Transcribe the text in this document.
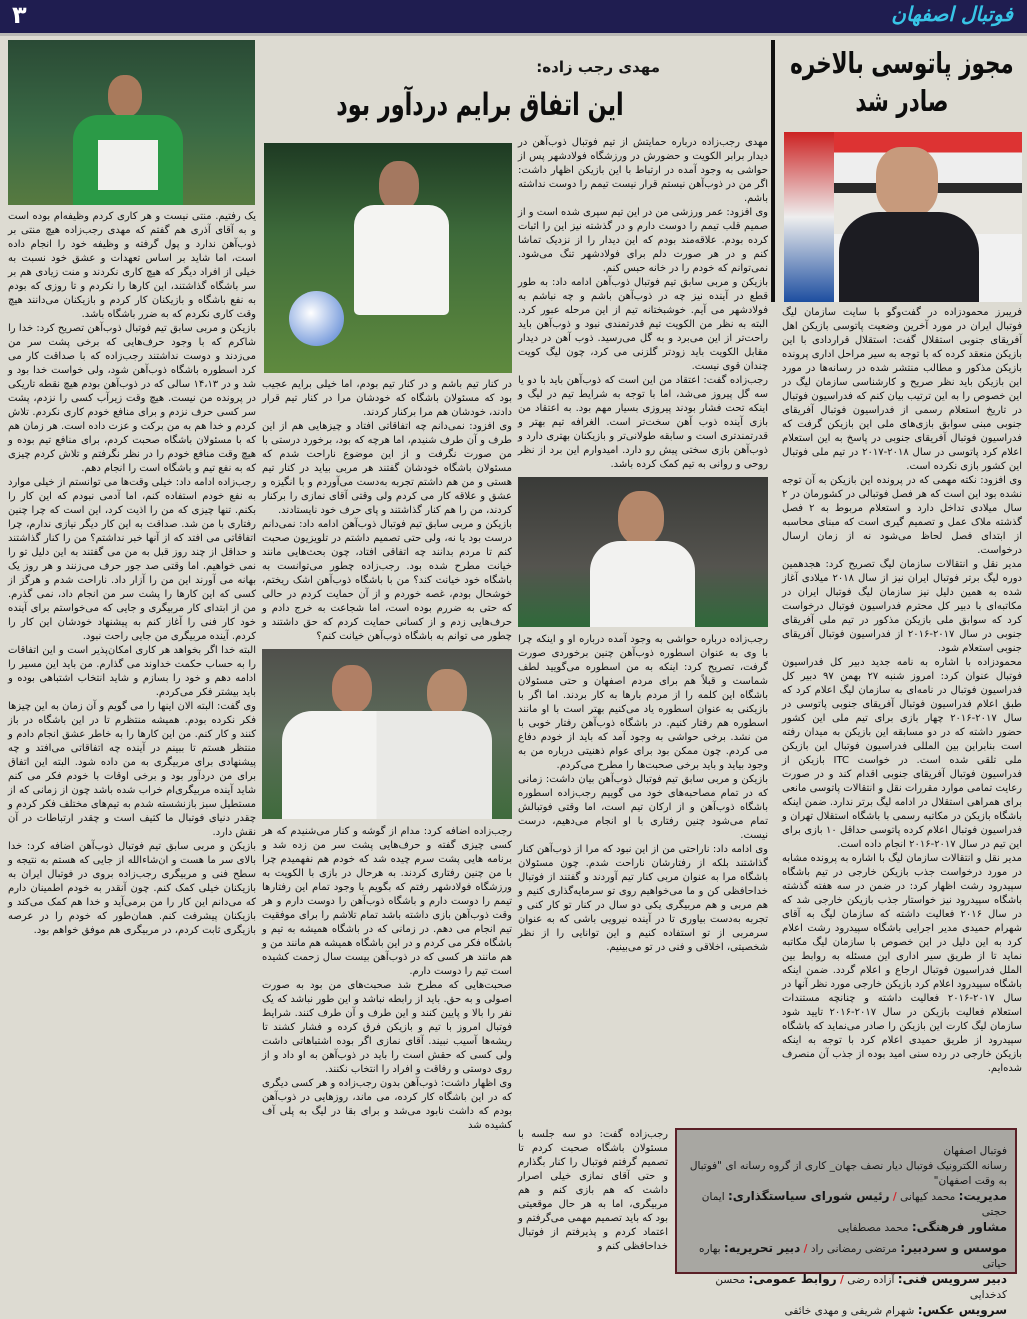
فوتبال اصفهان
۳
مجوز پاتوسی بالاخره صادر شد

فریبرز محمودزاده در گفت‌وگو با سایت سازمان لیگ فوتبال ایران در مورد آخرین وضعیت پاتوسی بازیکن اهل آفریقای جنوبی استقلال گفت: استقلال قراردادی با این بازیکن منعقد کرده که با توجه به سیر مراحل اداری پرونده بازیکن مذکور و مطالب منتشر شده در رسانه‌ها در مورد این بازیکن باید نظر صریح و کارشناسی سازمان لیگ در این خصوص را به این ترتیب بیان کنم که فدراسیون فوتبال در تاریخ استعلام رسمی از فدراسیون فوتبال آفریقای جنوبی مبنی سوابق بازی‌های ملی این بازیکن گرفت که فدراسیون فوتبال آفریقای جنوبی در پاسخ به این استعلام اعلام کرد پاتوسی در سال ۲۰۱۸-۲۰۱۷ در تیم ملی فوتبال این کشور بازی نکرده است.

وی افزود: نکته مهمی که در پرونده این بازیکن به آن توجه نشده بود این است که هر فصل فوتبالی در کشورمان در ۲ سال میلادی تداخل دارد و استعلام مربوط به ۲ فصل گذشته ملاک عمل و تصمیم گیری است که مبنای محاسبه از ابتدای فصل لحاظ می‌شود نه از زمان ارسال درخواست.

مدیر نقل و انتقالات سازمان لیگ تصریح کرد: هجدهمین دوره لیگ برتر فوتبال ایران نیز از سال ۲۰۱۸ میلادی آغاز شده به همین دلیل نیز سازمان لیگ فوتبال ایران در مکاتبه‌ای با دبیر کل محترم فدراسیون فوتبال درخواست کرد که سوابق ملی بازیکن مذکور در تیم ملی آفریقای جنوبی در سال ۲۰۱۷-۲۰۱۶ از فدراسیون فوتبال آفریقای جنوبی استعلام شود.

محمودزاده با اشاره به نامه جدید دبیر کل فدراسیون فوتبال عنوان کرد: امروز شنبه ۲۷ بهمن ۹۷ دبیر کل فدراسیون فوتبال در نامه‌ای به سازمان لیگ اعلام کرد که طبق اعلام فدراسیون فوتبال آفریقای جنوبی پاتوسی در سال ۲۰۱۷-۲۰۱۶ چهار بازی برای تیم ملی این کشور حضور داشته که در دو مسابقه این بازیکن به میدان رفته است بنابراین بین المللی فدراسیون فوتبال این بازیکن ملی تلقی شده است. در خواست ITC بازیکن از فدراسیون فوتبال آفریقای جنوبی اقدام کند و در صورت رعایت تمامی موارد مقررات نقل و انتقالات پاتوسی مانعی برای همراهی استقلال در ادامه لیگ برتر ندارد. ضمن اینکه باشگاه بازیکن در مکاتبه رسمی با باشگاه استقلال تهران و فدراسیون فوتبال اعلام کرده پاتوسی حداقل ۱۰ بازی برای این تیم در سال ۲۰۱۷-۲۰۱۶ انجام داده است.

مدیر نقل و انتقالات سازمان لیگ با اشاره به پرونده مشابه در مورد درخواست جذب بازیکن خارجی در تیم باشگاه سپیدرود رشت اظهار کرد: در ضمن در سه هفته گذشته باشگاه سپیدرود نیز خواستار جذب بازیکن خارجی شد که در سال ۲۰۱۶ فعالیت داشته که سازمان لیگ به آقای شهرام حمیدی مدیر اجرایی باشگاه سپیدرود رشت اعلام کرد به این دلیل در این خصوص با سازمان لیگ مکاتبه نماید تا از طریق سیر اداری این مسئله به روابط بین الملل فدراسیون فوتبال ارجاع و اعلام گردد. ضمن اینکه باشگاه سپیدرود اعلام کرد بازیکن خارجی مورد نظر آنها در سال ۲۰۱۷-۲۰۱۶ فعالیت داشته و چنانچه مستندات استعلام فعالیت بازیکن در سال ۲۰۱۷-۲۰۱۶ تایید شود سازمان لیگ کارت این بازیکن را صادر می‌نماید که باشگاه سپیدرود از طریق حمیدی اعلام کرد با توجه به اینکه بازیکن خارجی در رده سنی امید بوده از جذب آن منصرف شده‌ایم.

مهدی رجب زاده:
این اتفاق برایم دردآور بود

مهدی رجب‌زاده درباره حمایتش از تیم فوتبال ذوب‌آهن در دیدار برابر الکویت و حضورش در ورزشگاه فولادشهر پس از حواشی به وجود آمده در ارتباط با این بازیکن اظهار داشت: اگر من در ذوب‌آهن نیستم قرار نیست تیمم را دوست نداشته باشم.

وی افزود: عمر ورزشی من در این تیم سپری شده است و از صمیم قلب تیمم را دوست دارم و در گذشته نیز این را اثبات کرده بودم. علاقه‌مند بودم که این دیدار را از نزدیک تماشا کنم و در هر صورت دلم برای فولادشهر تنگ می‌شود. نمی‌توانم که خودم را در خانه حبس کنم.

بازیکن و مربی سابق تیم فوتبال ذوب‌آهن ادامه داد: به طور قطع در آینده نیز چه در ذوب‌آهن باشم و چه نباشم به فولادشهر می آیم. خوشبختانه تیم از این مرحله عبور کرد. البته به نظر من الکویت تیم قدرتمندی نبود و ذوب‌آهن باید راحت‌تر از این می‌برد و به گل می‌رسید. ذوب آهن در دیدار مقابل الکویت باید زودتر گلزنی می کرد، چون لیگ کویت چندان قوی نیست.

رجب‌زاده گفت: اعتقاد من این است که ذوب‌آهن باید با دو یا سه گل پیروز می‌شد، اما با توجه به شرایط تیم در لیگ و اینکه تحت فشار بودند پیروزی بسیار مهم بود. به اعتقاد من بازی آینده ذوب آهن سخت‌تر است. الغرافه تیم بهتر و قدرتمندتری است و سابقه طولانی‌تر و بازیکنان بهتری دارد و ذوب‌آهن بازی سختی پیش رو دارد. امیدوارم این برد از نظر روحی و روانی به تیم کمک کرده باشد.

رجب‌زاده درباره حواشی به وجود آمده درباره او و اینکه چرا با وی به عنوان اسطوره ذوب‌آهن چنین برخوردی صورت گرفت، تصریح کرد: اینکه به من اسطوره می‌گویید لطف شماست و قبلاً هم برای مردم اصفهان و حتی مسئولان باشگاه این کلمه را از مردم بارها به کار بردند. اما اگر با بازیکنی به عنوان اسطوره یاد می‌کنیم بهتر است با او مانند اسطوره هم رفتار کنیم. در باشگاه ذوب‌آهن رفتار خوبی با من نشد. برخی حواشی به وجود آمد که باید از خودم دفاع می کردم. چون ممکن بود برای عوام ذهنیتی درباره من به وجود بیاید و باید برخی صحبت‌ها را مطرح می‌کردم.

بازیکن و مربی سابق تیم فوتبال ذوب‌آهن بیان داشت: زمانی که در تمام مصاحبه‌های خود می گوییم رجب‌زاده اسطوره باشگاه ذوب‌آهن و از ارکان تیم است، اما وقتی فوتبالش تمام می‌شود چنین رفتاری با او انجام می‌دهیم، درست نیست.

وی ادامه داد: ناراحتی من از این نبود که مرا از ذوب‌آهن کنار گذاشتند بلکه از رفتارشان ناراحت شدم. چون مسئولان باشگاه مرا به عنوان مربی کنار تیم آوردند و گفتند از فوتبال خداحافظی کن و ما می‌خواهیم روی تو سرمایه‌گذاری کنیم و هم مربی و هم مربیگری یکی دو سال در کنار تو کار کنی و تجربه به‌دست بیاوری تا در آینده نیرویی باشی که به عنوان سرمربی از تو استفاده کنیم و این توانایی را از نظر شخصیتی، اخلاقی و فنی در تو می‌بینیم.

رجب‌زاده گفت: دو سه جلسه با مسئولان باشگاه صحبت کردم تا تصمیم گرفتم فوتبال را کنار بگذارم و حتی آقای نمازی خیلی اصرار داشت که هم بازی کنم و هم مربیگری، اما به هر حال موقعیتی بود که باید تصمیم مهمی می‌گرفتم و اعتماد کردم و پذیرفتم از فوتبال خداحافظی کنم و

در کنار تیم باشم و در کنار تیم بودم، اما خیلی برایم عجیب بود که مسئولان باشگاه که خودشان مرا در کنار تیم قرار دادند، خودشان هم مرا برکنار کردند.

وی افزود: نمی‌دانم چه اتفاقاتی افتاد و چیزهایی هم از این طرف و آن طرف شنیدم، اما هرچه که بود، برخورد درستی با من صورت نگرفت و از این موضوع ناراحت شدم که مسئولان باشگاه خودشان گفتند هر مربی بیاید در کنار تیم هستی و من هم داشتم تجربه به‌دست می‌آوردم و با انگیزه و عشق و علاقه کار می کردم ولی وقتی آقای نمازی را برکنار کردند، من را هم کنار گذاشتند و پای حرف خود نایستادند.

بازیکن و مربی سابق تیم فوتبال ذوب‌آهن ادامه داد: نمی‌دانم درست بود یا نه، ولی حتی تصمیم داشتم در تلویزیون صحبت کنم تا مردم بدانند چه اتفاقی افتاد، چون بحث‌هایی مانند خیانت مطرح شده بود. رجب‌زاده چطور می‌توانست به باشگاه خود خیانت کند؟ من با باشگاه ذوب‌آهن اشک ریختم، خوشحال بودم، غصه خوردم و از آن حمایت کردم در حالی که حتی به ضررم بوده است، اما شجاعت به خرج دادم و حرف‌هایی زدم و از کسانی حمایت کردم که حق داشتند و چطور می توانم به باشگاه ذوب‌آهن خیانت کنم؟

رجب‌زاده اضافه کرد: مدام از گوشه و کنار می‌شنیدم که هر کسی چیزی گفته و حرف‌هایی پشت سر من زده شد و برنامه هایی پشت سرم چیده شد که خودم هم نفهمیدم چرا با من چنین رفتاری کردند. به هرحال در بازی با الکویت به ورزشگاه فولادشهر رفتم که بگویم با وجود تمام این رفتارها تیمم را دوست دارم و باشگاه ذوب‌آهن را دوست دارم و هر وقت ذوب‌آهن بازی داشته باشد تمام تلاشم را برای موفقیت تیم انجام می دهم. در زمانی که در باشگاه همیشه به تیم و باشگاه فکر می کردم و در این باشگاه همیشه هم مانند من و هم مانند هر کسی که در ذوب‌آهن بیست سال زحمت کشیده است تیم را دوست دارم.

صحبت‌هایی که مطرح شد صحبت‌های من بود به صورت اصولی و به حق. باید از رابطه نباشد و این طور نباشد که یک نفر را بالا و پایین کنند و این طرف و آن طرف کنند. شرایط فوتبال امروز با تیم و بازیکن فرق کرده و فشار کشند تا ریشه‌ها آسیب نبیند. آقای نمازی اگر بوده اشتباهاتی داشت ولی کسی که حقش است را باید در ذوب‌آهن به او داد و از روی دوستی و رفاقت و افراد را انتخاب نکنند.

وی اظهار داشت: ذوب‌آهن بدون رجب‌زاده و هر کسی دیگری که در این باشگاه کار کرده، می ماند، روزهایی در ذوب‌آهن بودم که داشت نابود می‌شد و برای بقا در لیگ به پلی آف کشیده شد

یک رفتیم. منتی نیست و هر کاری کردم وظیفه‌ام بوده است و به آقای آذری هم گفتم که مهدی رجب‌زاده هیچ منتی بر ذوب‌آهن ندارد و پول گرفته و وظیفه خود را انجام داده است، اما شاید بر اساس تعهدات و عشق خود نسبت به خیلی از افراد دیگر که هیچ کاری نکردند و منت زیادی هم بر سر باشگاه گذاشتند، این کارها را نکردم و تا روزی که بودم به نفع باشگاه و بازیکنان کار کردم و بازیکنان می‌دانند هیچ وقت کاری نکردم که به ضرر باشگاه باشد.

بازیکن و مربی سابق تیم فوتبال ذوب‌آهن تصریح کرد: خدا را شاکرم که با وجود حرف‌هایی که برخی پشت سر من می‌زدند و دوست نداشتند رجب‌زاده که با صداقت کار می کرد اسطوره باشگاه ذوب‌آهن شود، ولی خواست خدا بود و شد و در ۱۴،۱۳ سالی که در ذوب‌آهن بودم هیچ نقطه تاریکی در پرونده من نیست. هیچ وقت زیرآب کسی را نزدم، پشت سر کسی حرف نزدم و برای منافع خودم کاری نکردم. تلاش کردم و خدا هم به من برکت و عزت داده است. هر زمان هم که با مسئولان باشگاه صحبت کردم، برای منافع تیم بوده و هیچ وقت منافع خودم را در نظر نگرفتم و تلاش کردم چیزی که به نفع تیم و باشگاه است را انجام دهم.

رجب‌زاده ادامه داد: خیلی وقت‌ها می توانستم از خیلی موارد به نفع خودم استفاده کنم، اما آدمی نبودم که این کار را بکنم. تنها چیزی که من را اذیت کرد، این است که چرا چنین رفتاری با من شد. صداقت به این کار دیگر نیازی ندارم، چرا اتفاقاتی می افتد که از آنها خبر نداشتم؟ من را کنار گذاشتند و حداقل از چند روز قبل به من می گفتند به این دلیل تو را نمی خواهیم. اما وقتی صد جور حرف می‌زنند و هر روز یک بهانه می آورند این من را آزار داد. ناراحت شدم و هرگز از کسی که این کارها را پشت سر من انجام داد، نمی گذرم. من از ابتدای کار مربیگری و جایی که می‌خواستم برای آینده خود کار فنی را آغاز کنم به پیشنهاد خودشان این کار را کردم. آینده مربیگری من جایی راحت نبود.

البته خدا اگر بخواهد هر کاری امکان‌پذیر است و این اتفاقات را به حساب حکمت خداوند می گذارم. من باید این مسیر را ادامه دهم و خود را بسازم و شاید انتخاب اشتباهی بوده و باید بیشتر فکر می‌کردم.

وی گفت: البته الان اینها را می گویم و آن زمان به این چیزها فکر نکرده بودم. همیشه منتظرم تا در این باشگاه در باز کنند و کار کنم. من این کارها را به خاطر عشق انجام دادم و منتظر هستم تا ببینم در آینده چه اتفاقاتی می‌افتد و چه پیشنهادی برای مربیگری به من داده شود. البته این اتفاق برای من دردآور بود و برخی اوقات با خودم فکر می کنم شاید آینده مربیگری‌ام خراب شده باشد چون از زمانی که از مستطیل سبز بازنشسته شدم به تیم‌های مختلف فکر کردم و چقدر دنیای فوتبال ما کثیف است و چقدر ارتباطات در آن نقش دارد.

بازیکن و مربی سابق تیم فوتبال ذوب‌آهن اضافه کرد: خدا بالای سر ما هست و ان‌شاءالله از جایی که هستم به نتیجه و سطح فنی و مربیگری رجب‌زاده بروی در فوتبال ایران به بازیکنان خیلی کمک کنم. چون آنقدر به خودم اطمینان دارم که می‌دانم این کار را من برمی‌آید و خدا هم کمک می‌کند و بازیکنان پیشرفت کنم. همان‌طور که خودم را در عرصه بازیگری ثابت کردم، در مربیگری هم موفق خواهم بود.

فوتبال اصفهان
رسانه الکترونیک فوتبال دیار نصف جهان_ کاری از گروه رسانه ای "فوتبال به وقت اصفهان"
مدیریت: محمد کیهانی / رئیس شورای سیاستگذاری: ایمان حجتی
مشاور فرهنگی: محمد مصطفایی
موسس و سردبیر: مرتضی رمضانی راد / دبیر تحریریه: بهاره حیاتی
دبیر سرویس فنی: آزاده رضی / روابط عمومی: محسن کدخدایی
سرویس عکس: شهرام شریفی و مهدی خائفی
